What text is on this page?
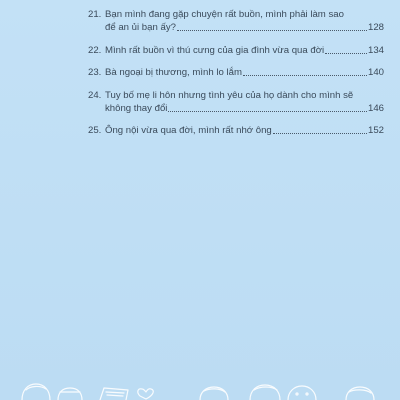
21. Bạn mình đang gặp chuyện rất buồn, mình phải làm sao
để an ủi bạn ấy?	128
22. Mình rất buồn vì thú cưng của gia đình vừa qua đời	134
23. Bà ngoại bị thương, mình lo lắm	140
24. Tuy bố mẹ li hôn nhưng tình yêu của họ dành cho mình sẽ
không thay đổi	146
25. Ông nội vừa qua đời, mình rất nhớ ông	152
